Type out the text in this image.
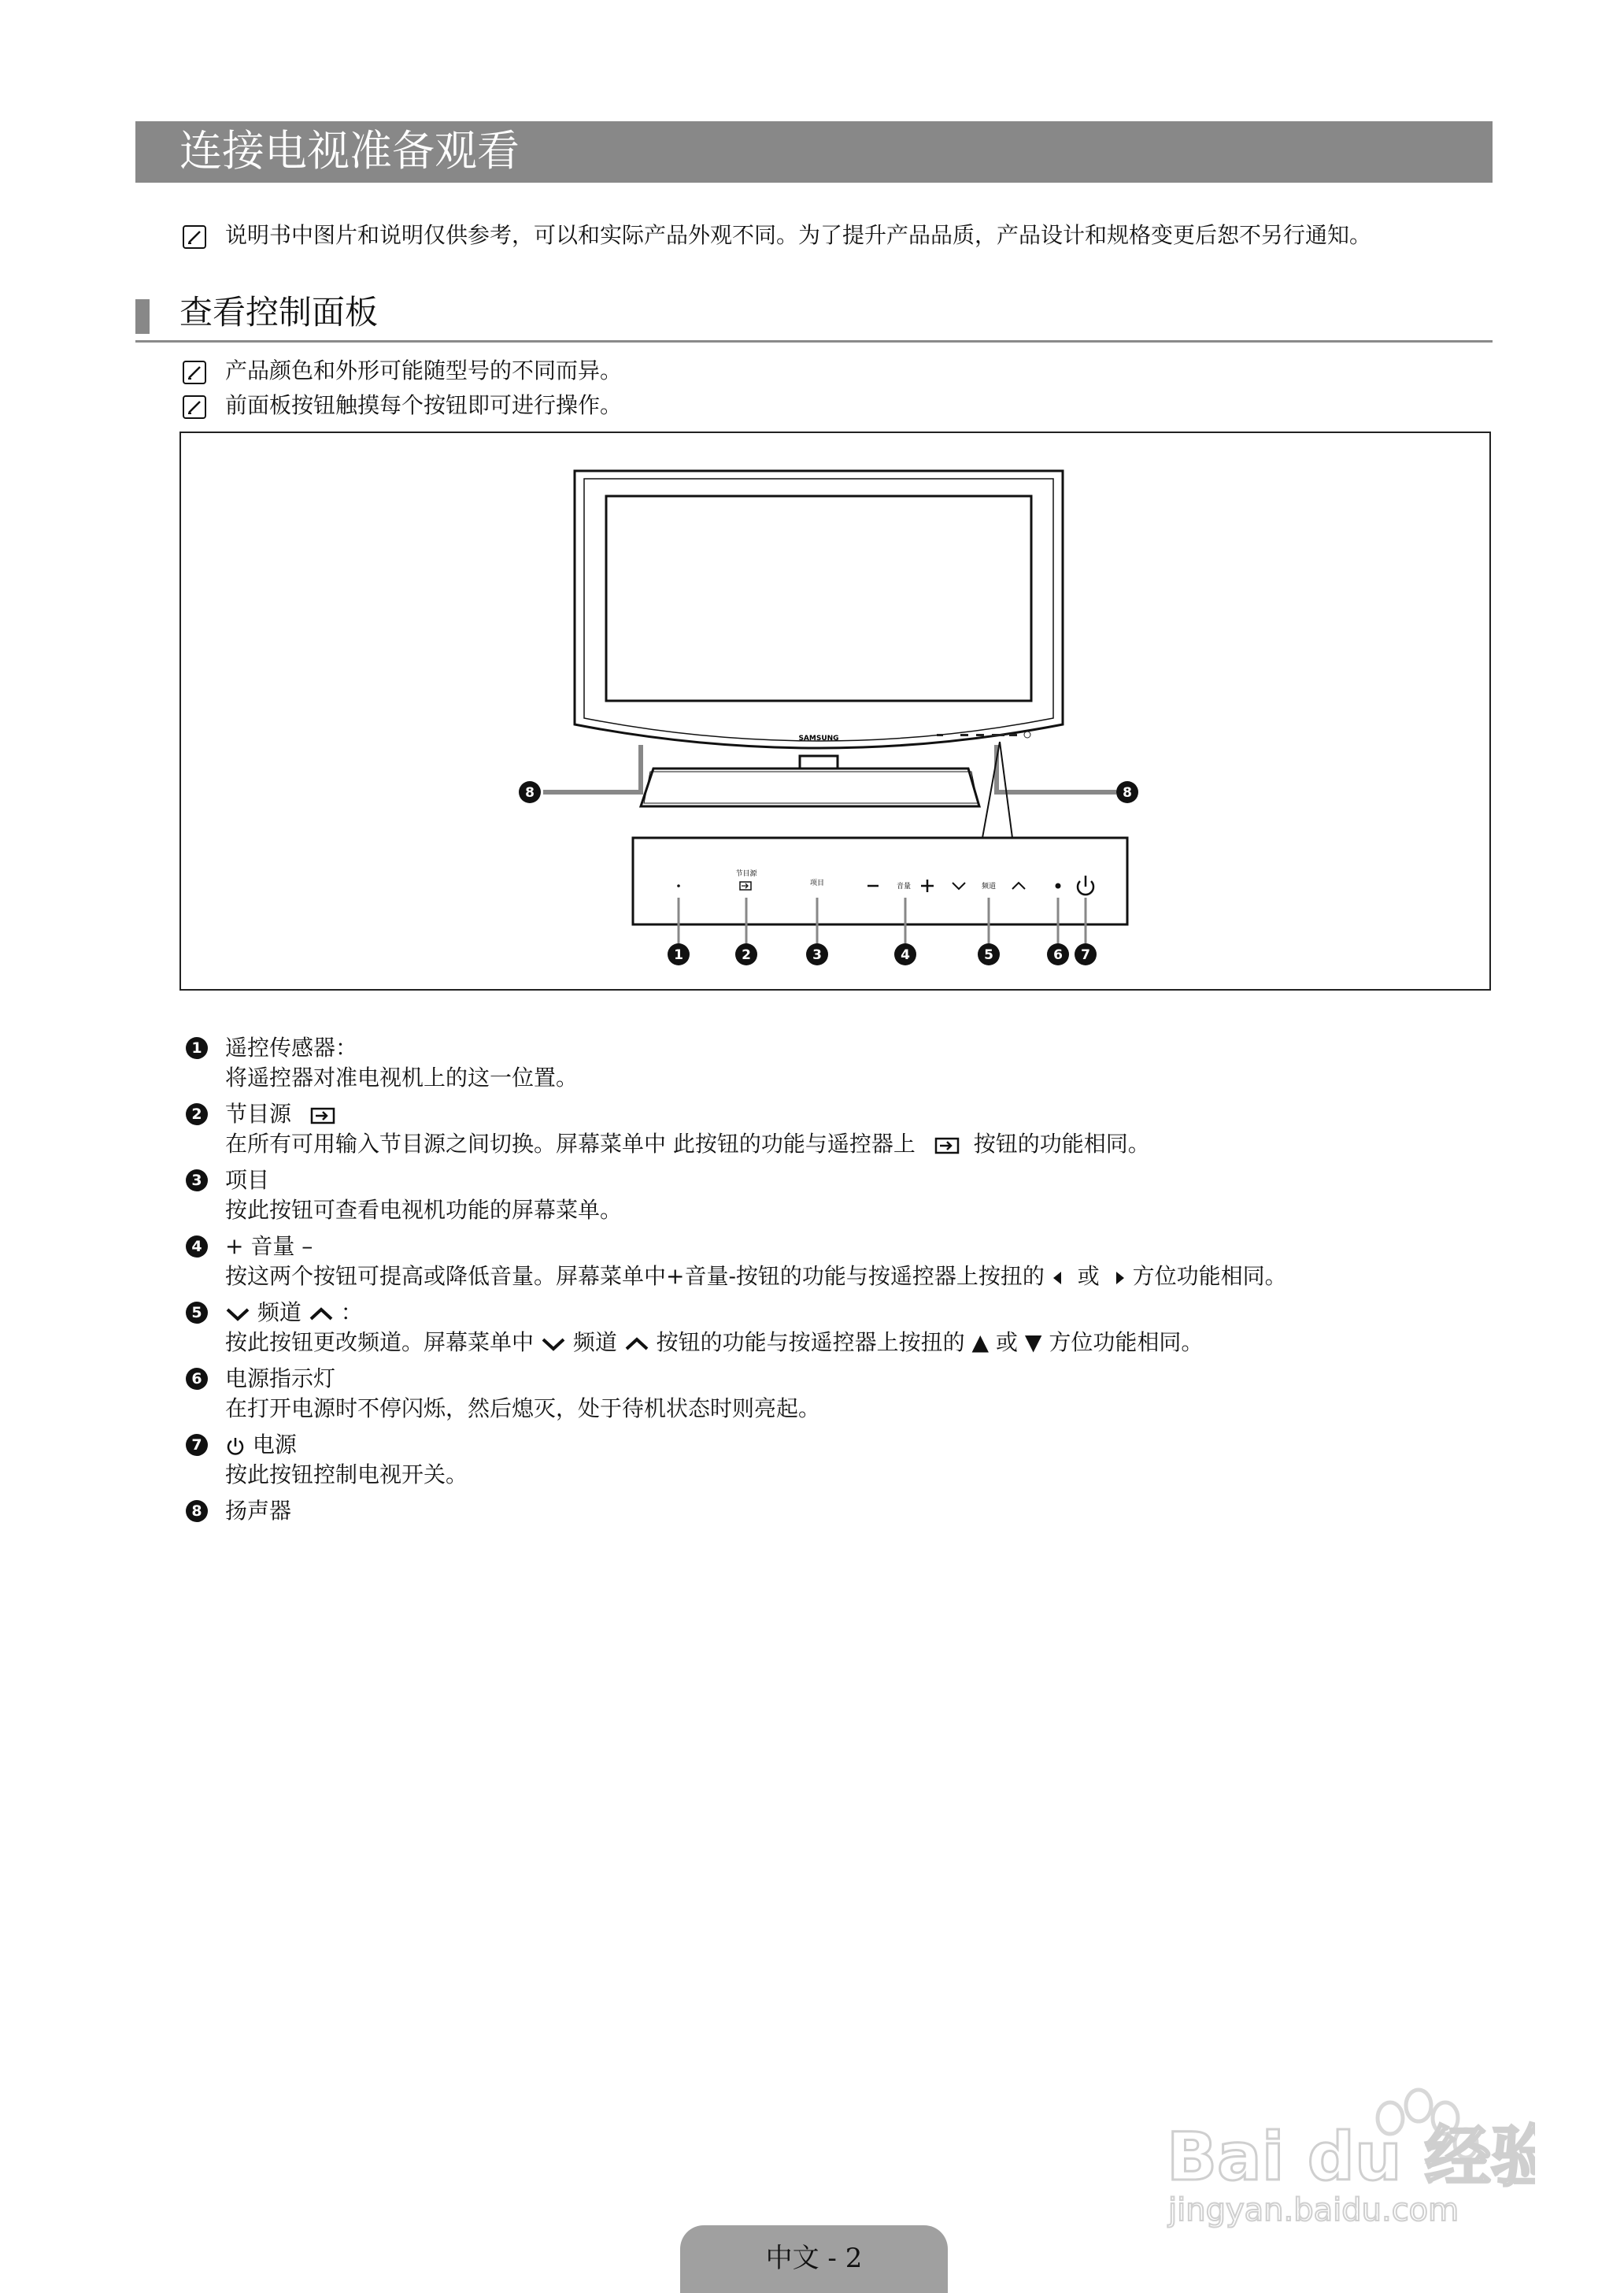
连接电视准备观看
说明书中图片和说明仅供参考，可以和实际产品外观不同。为了提升产品品质，产品设计和规格变更后恕不另行通知。
查看控制面板
产品颜色和外形可能随型号的不同而异。
前面板按钮触摸每个按钮即可进行操作。
SAMSUNG
8	8
节目源
项目	音量	频道
1	2	3	4	5	6 7
1 遥控传感器：
将遥控器对准电视机上的这一位置。
2 节目源
在所有可用输入节目源之间切换。屏幕菜单中 此按钮的功能与遥控器上	按钮的功能相同。
3 项目
按此按钮可查看电视机功能的屏幕菜单。
4 + 音量 –
按这两个按钮可提高或降低音量。屏幕菜单中+音量-按钮的功能与按遥控器上按扭的 或 方位功能相同。
5	频道 ：
按此按钮更改频道。屏幕菜单中 频道 按钮的功能与按遥控器上按扭的 ▲ 或 ▼ 方位功能相同。
6 电源指示灯
在打开电源时不停闪烁，然后熄灭，处于待机状态时则亮起。
7	电源
按此按钮控制电视开关。
8 扬声器
Bai du 经验
jingyan.baidu.com
中文 - 2
